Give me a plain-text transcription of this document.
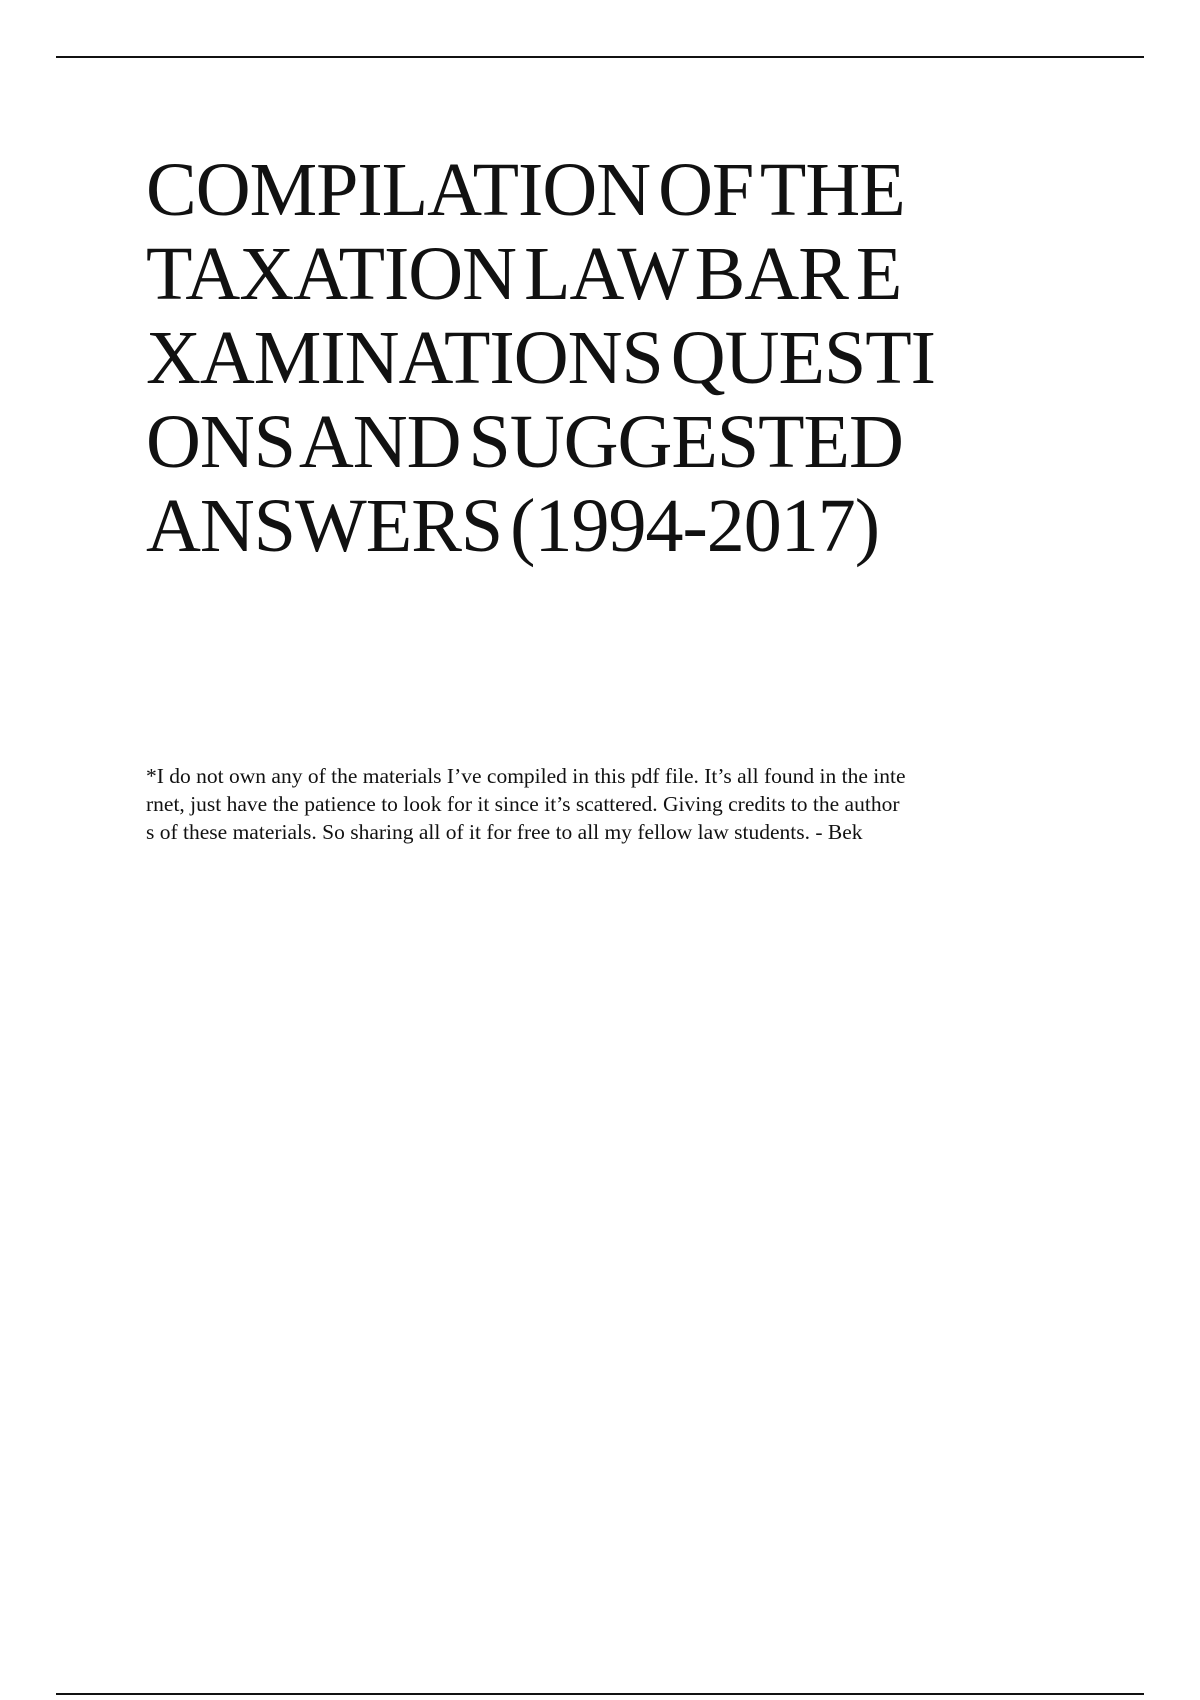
COMPILATION OF THE
TAXATION LAW BAR E
XAMINATIONS QUESTI
ONS AND SUGGESTED
ANSWERS (1994-2017)

*I do not own any of the materials I’ve compiled in this pdf file. It’s all found in the inte
rnet, just have the patience to look for it since it’s scattered. Giving credits to the author
s of these materials. So sharing all of it for free to all my fellow law students. - Bek
